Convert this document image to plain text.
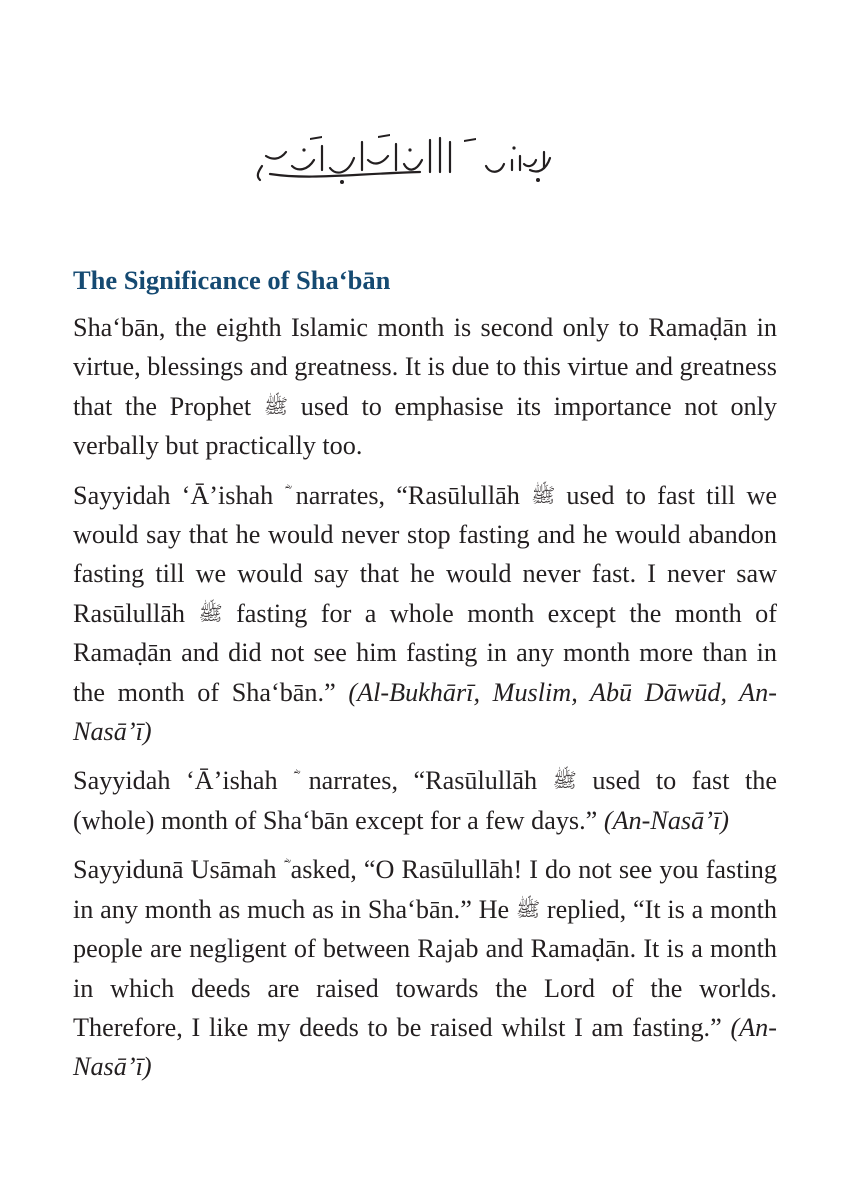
The Significance of Sha‘bān

Sha‘bān, the eighth Islamic month is second only to Ramaḍān in virtue, blessings and greatness. It is due to this virtue and greatness that the Prophet ﷺ used to emphasise its importance not only verbally but practically too.

Sayyidah ‘Ā’ishah  narrates, “Rasūlullāh ﷺ used to fast till we would say that he would never stop fasting and he would abandon fasting till we would say that he would never fast. I never saw Rasūlullāh ﷺ fasting for a whole month except the month of Ramaḍān and did not see him fasting in any month more than in the month of Sha‘bān.” (Al-Bukhārī, Muslim, Abū Dāwūd, An-Nasā’ī)

Sayyidah ‘Ā’ishah  narrates, “Rasūlullāh ﷺ used to fast the (whole) month of Sha‘bān except for a few days.” (An-Nasā’ī)

Sayyidunā Usāmah  asked, “O Rasūlullāh! I do not see you fasting in any month as much as in Sha‘bān.” He ﷺ replied, “It is a month people are negligent of between Rajab and Ramaḍān. It is a month in which deeds are raised towards the Lord of the worlds. Therefore, I like my deeds to be raised whilst I am fasting.” (An-Nasā’ī)
